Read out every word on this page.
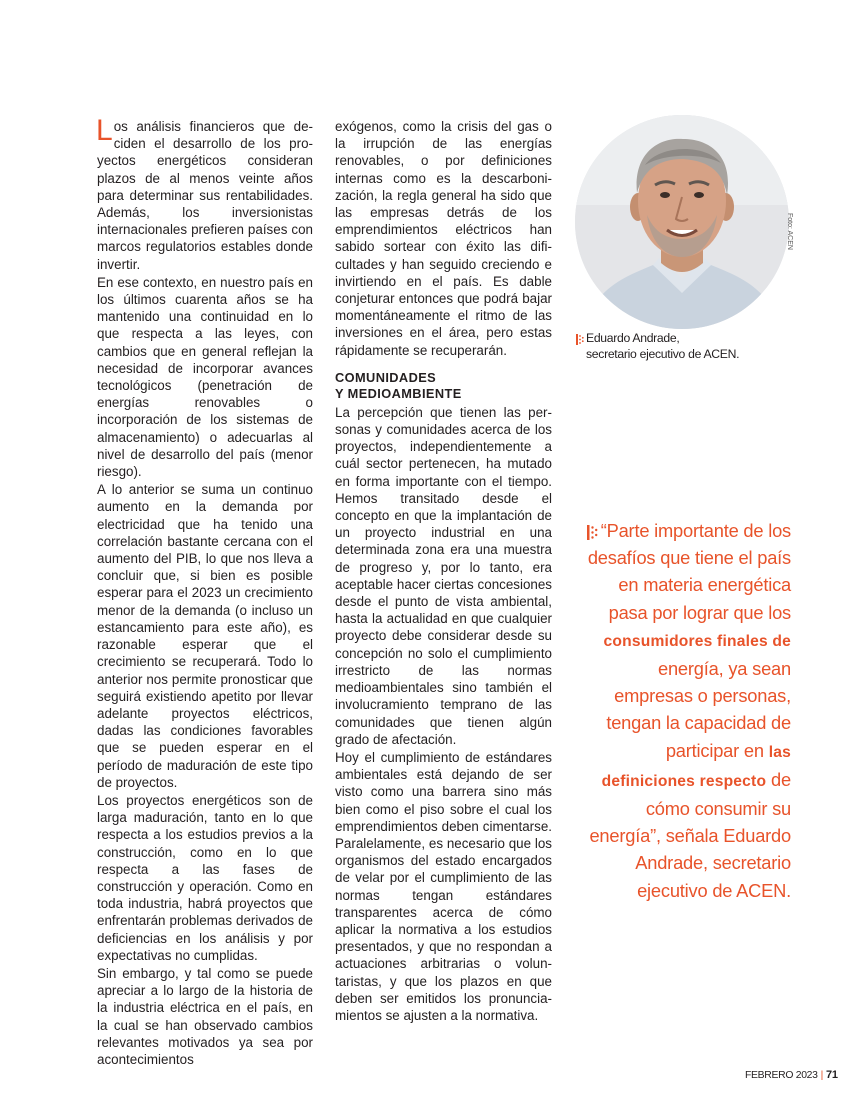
Los análisis financieros que deciden el desarrollo de los proyectos energéticos consideran plazos de al menos veinte años para determinar sus rentabilidades. Además, los inversionistas internacionales prefieren países con marcos regulatorios estables donde invertir.

En ese contexto, en nuestro país en los últimos cuarenta años se ha mantenido una continuidad en lo que respecta a las leyes, con cambios que en general reflejan la necesidad de incorporar avances tecnológicos (penetración de energías renovables o incorporación de los sistemas de almacenamiento) o adecuarlas al nivel de desarrollo del país (menor riesgo).

A lo anterior se suma un continuo aumento en la demanda por electricidad que ha tenido una correlación bastante cercana con el aumento del PIB, lo que nos lleva a concluir que, si bien es posible esperar para el 2023 un crecimiento menor de la demanda (o incluso un estancamiento para este año), es razonable esperar que el crecimiento se recuperará. Todo lo anterior nos permite pronosticar que seguirá existiendo apetito por llevar adelante proyectos eléctricos, dadas las condiciones favorables que se pueden esperar en el período de maduración de este tipo de proyectos.

Los proyectos energéticos son de larga maduración, tanto en lo que respecta a los estudios previos a la construcción, como en lo que respecta a las fases de construcción y operación. Como en toda industria, habrá proyectos que enfrentarán problemas derivados de deficiencias en los análisis y por expectativas no cumplidas.

Sin embargo, y tal como se puede apreciar a lo largo de la historia de la industria eléctrica en el país, en la cual se han observado cambios relevantes motivados ya sea por acontecimientos

exógenos, como la crisis del gas o la irrupción de las energías renovables, o por definiciones internas como es la descarbonización, la regla general ha sido que las empresas detrás de los emprendimientos eléctricos han sabido sortear con éxito las dificultades y han seguido creciendo e invirtiendo en el país. Es dable conjeturar entonces que podrá bajar momentáneamente el ritmo de las inversiones en el área, pero estas rápidamente se recuperarán.

COMUNIDADES
Y MEDIOAMBIENTE

La percepción que tienen las personas y comunidades acerca de los proyectos, independientemente a cuál sector pertenecen, ha mutado en forma importante con el tiempo. Hemos transitado desde el concepto en que la implantación de un proyecto industrial en una determinada zona era una muestra de progreso y, por lo tanto, era aceptable hacer ciertas concesiones desde el punto de vista ambiental, hasta la actualidad en que cualquier proyecto debe considerar desde su concepción no solo el cumplimiento irrestricto de las normas medioambientales sino también el involucramiento temprano de las comunidades que tienen algún grado de afectación.

Hoy el cumplimiento de estándares ambientales está dejando de ser visto como una barrera sino más bien como el piso sobre el cual los emprendimientos deben cimentarse. Paralelamente, es necesario que los organismos del estado encargados de velar por el cumplimiento de las normas tengan estándares transparentes acerca de cómo aplicar la normativa a los estudios presentados, y que no respondan a actuaciones arbitrarias o voluntaristas, y que los plazos en que deben ser emitidos los pronunciamientos se ajusten a la normativa.

Foto: ACEN
Eduardo Andrade,
secretario ejecutivo de ACEN.
“Parte importante de los desafíos que tiene el país en materia energética pasa por lograr que los consumidores finales de energía, ya sean empresas o personas, tengan la capacidad de participar en las definiciones respecto de cómo consumir su energía”, señala Eduardo Andrade, secretario ejecutivo de ACEN.
FEBRERO 2023 | 71
